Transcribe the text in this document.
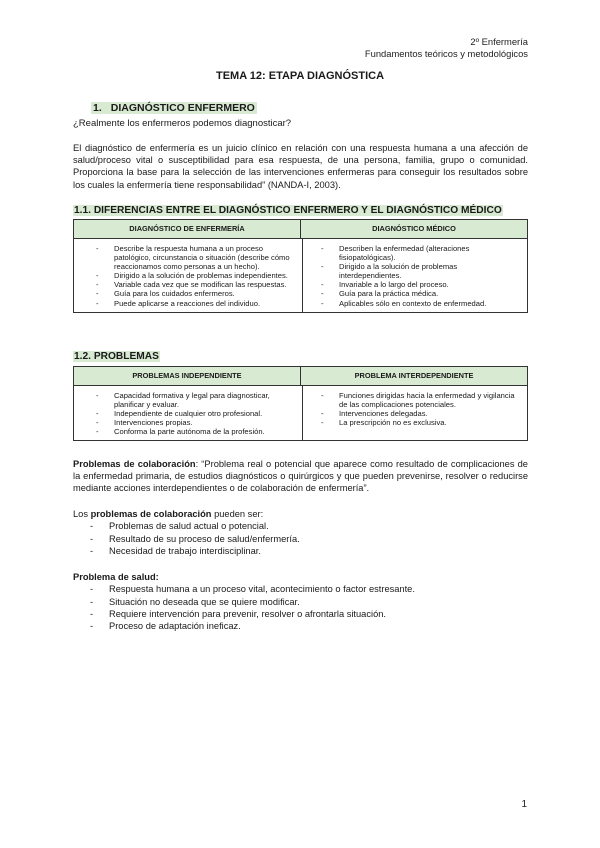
2º Enfermería
Fundamentos teóricos y metodológicos
TEMA 12: ETAPA DIAGNÓSTICA
1. DIAGNÓSTICO ENFERMERO
¿Realmente los enfermeros podemos diagnosticar?

El diagnóstico de enfermería es un juicio clínico en relación con una respuesta humana a una afección de salud/proceso vital o susceptibilidad para esa respuesta, de una persona, familia, grupo o comunidad. Proporciona la base para la selección de las intervenciones enfermeras para conseguir los resultados sobre los cuales la enfermería tiene responsabilidad” (NANDA-I, 2003).

1.1. DIFERENCIAS ENTRE EL DIAGNÓSTICO ENFERMERO Y EL DIAGNÓSTICO MÉDICO
DIAGNÓSTICO DE ENFERMERÍA	DIAGNÓSTICO MÉDICO
- Describe la respuesta humana a un proceso patológico, circunstancia o situación (describe cómo reaccionamos como personas a un hecho).
- Dirigido a la solución de problemas independientes.
- Variable cada vez que se modifican las respuestas.
- Guía para los cuidados enfermeros.
- Puede aplicarse a reacciones del individuo.
- Describen la enfermedad (alteraciones fisiopatológicas).
- Dirigido a la solución de problemas interdependientes.
- Invariable a lo largo del proceso.
- Guía para la práctica médica.
- Aplicables sólo en contexto de enfermedad.
1.2. PROBLEMAS
PROBLEMAS INDEPENDIENTE	PROBLEMA INTERDEPENDIENTE
- Capacidad formativa y legal para diagnosticar, planificar y evaluar.
- Independiente de cualquier otro profesional.
- Intervenciones propias.
- Conforma la parte autónoma de la profesión.
- Funciones dirigidas hacia la enfermedad y vigilancia de las complicaciones potenciales.
- Intervenciones delegadas.
- La prescripción no es exclusiva.

Problemas de colaboración: “Problema real o potencial que aparece como resultado de complicaciones de la enfermedad primaria, de estudios diagnósticos o quirúrgicos y que pueden prevenirse, resolver o reducirse mediante acciones interdependientes o de colaboración de enfermería”.

Los problemas de colaboración pueden ser:
- Problemas de salud actual o potencial.
- Resultado de su proceso de salud/enfermería.
- Necesidad de trabajo interdisciplinar.
Problema de salud:
- Respuesta humana a un proceso vital, acontecimiento o factor estresante.
- Situación no deseada que se quiere modificar.
- Requiere intervención para prevenir, resolver o afrontarla situación.
- Proceso de adaptación ineficaz.
1
